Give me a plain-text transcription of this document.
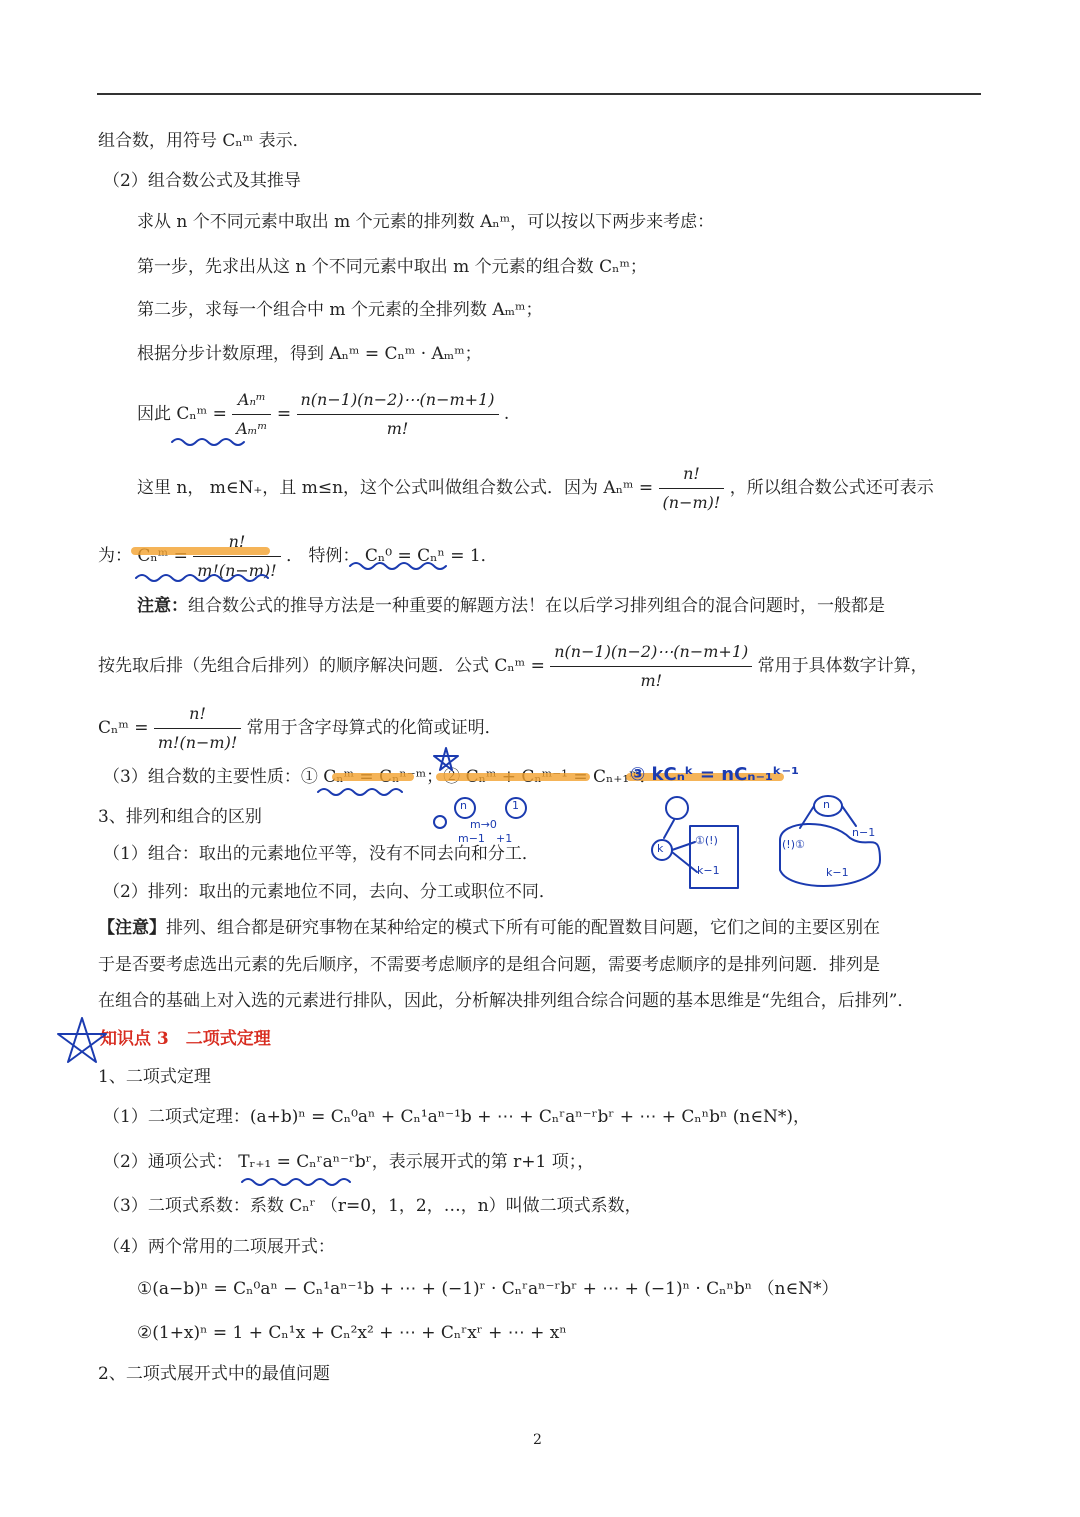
组合数，用符号 Cₙᵐ 表示．
（2）组合数公式及其推导
求从 n 个不同元素中取出 m 个元素的排列数 Aₙᵐ，可以按以下两步来考虑：
第一步，先求出从这 n 个不同元素中取出 m 个元素的组合数 Cₙᵐ；
第二步，求每一个组合中 m 个元素的全排列数 Aₘᵐ；
根据分步计数原理，得到 Aₙᵐ = Cₙᵐ · Aₘᵐ；
因此 Cₙᵐ = $\frac{\text{Aₙᵐ}}{\text{Aₘᵐ}} = \frac{n(n-1)(n-2)\cdots(n-m+1)}{m!}$ .
这里 n， m∈N₊，且 m≤n，这个公式叫做组合数公式．因为 Aₙᵐ = $\frac{n!}{(n-m)!}$ ，所以组合数公式还可表示
为： Cₙᵐ = $\frac{n!}{m!(n-m)!}$ ． 特例： Cₙ⁰ = Cₙⁿ = 1．
注意：组合数公式的推导方法是一种重要的解题方法！在以后学习排列组合的混合问题时，一般都是
按先取后排（先组合后排列）的顺序解决问题．公式 Cₙᵐ = $\frac{n(n-1)(n-2)\cdots(n-m+1)}{m!}$ 常用于具体数字计算，
Cₙᵐ = $\frac{n!}{m!(n-m)!}$ 常用于含字母算式的化简或证明．
（3）组合数的主要性质：① Cₙᵐ = Cₙⁿ⁻ᵐ；② Cₙᵐ + Cₙᵐ⁻¹ = Cₙ₊₁ᵐ．
3、排列和组合的区别
（1）组合：取出的元素地位平等，没有不同去向和分工．
（2）排列：取出的元素地位不同，去向、分工或职位不同．
【注意】排列、组合都是研究事物在某种给定的模式下所有可能的配置数目问题，它们之间的主要区别在
于是否要考虑选出元素的先后顺序，不需要考虑顺序的是组合问题，需要考虑顺序的是排列问题．排列是
在组合的基础上对入选的元素进行排队，因此，分析解决排列组合综合问题的基本思维是“先组合，后排列”．
知识点 3　二项式定理
1、二项式定理
（1）二项式定理：(a+b)ⁿ = Cₙ⁰aⁿ + Cₙ¹aⁿ⁻¹b + ⋯ + Cₙʳaⁿ⁻ʳbʳ + ⋯ + Cₙⁿbⁿ (n∈N*)，
（2）通项公式： Tᵣ₊₁ = Cₙʳaⁿ⁻ʳbʳ，表示展开式的第 r+1 项；，
（3）二项式系数：系数 Cₙʳ （r=0，1，2，…，n）叫做二项式系数，
（4）两个常用的二项展开式：
①(a−b)ⁿ = Cₙ⁰aⁿ − Cₙ¹aⁿ⁻¹b + ⋯ + (−1)ʳ · Cₙʳaⁿ⁻ʳbʳ + ⋯ + (−1)ⁿ · Cₙⁿbⁿ （n∈N*）
②(1+x)ⁿ = 1 + Cₙ¹x + Cₙ²x² + ⋯ + Cₙʳxʳ + ⋯ + xⁿ
2、二项式展开式中的最值问题
2
③ kCₙᵏ = nCₙ₋₁ᵏ⁻¹
n	1
m→0
m−1 +1
k
①(!)
k−1
n
(!)①
n−1
k−1
